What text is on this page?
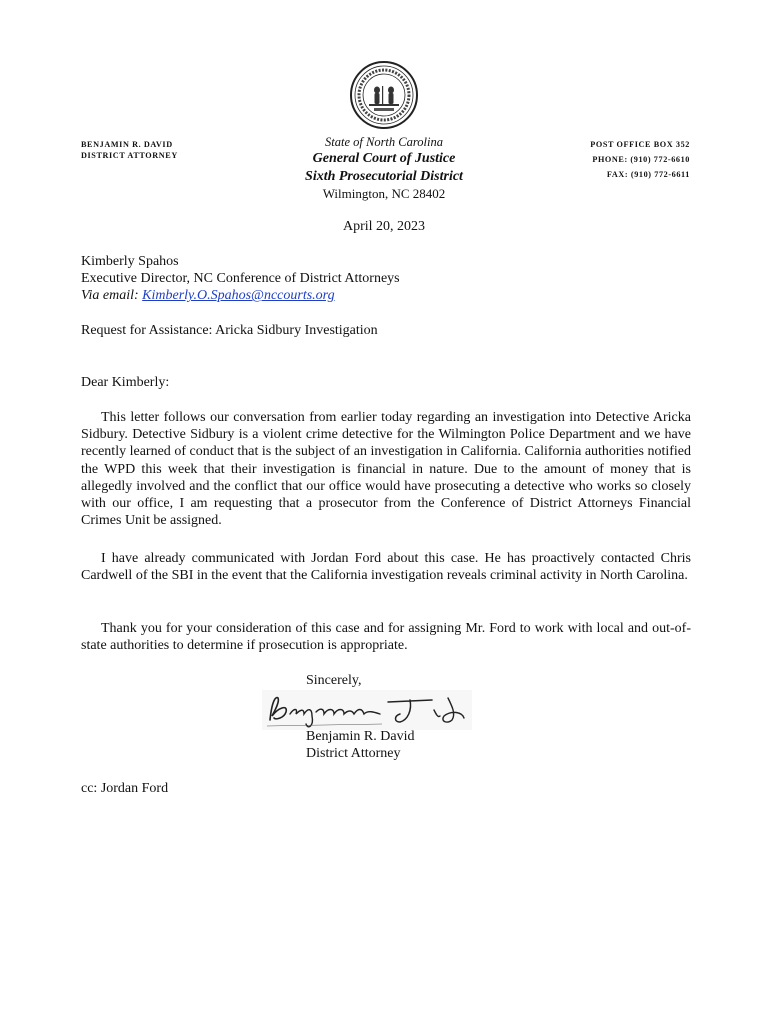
BENJAMIN R. DAVID
DISTRICT ATTORNEY
State of North Carolina
General Court of Justice
Sixth Prosecutorial District
Wilmington, NC 28402
POST OFFICE BOX 352
PHONE: (910) 772-6610
FAX: (910) 772-6611
April 20, 2023
Kimberly Spahos
Executive Director, NC Conference of District Attorneys
Via email: Kimberly.O.Spahos@nccourts.org
Request for Assistance: Aricka Sidbury Investigation
Dear Kimberly:

This letter follows our conversation from earlier today regarding an investigation into Detective Aricka Sidbury. Detective Sidbury is a violent crime detective for the Wilmington Police Department and we have recently learned of conduct that is the subject of an investigation in California. California authorities notified the WPD this week that their investigation is financial in nature. Due to the amount of money that is allegedly involved and the conflict that our office would have prosecuting a detective who works so closely with our office, I am requesting that a prosecutor from the Conference of District Attorneys Financial Crimes Unit be assigned.

I have already communicated with Jordan Ford about this case. He has proactively contacted Chris Cardwell of the SBI in the event that the California investigation reveals criminal activity in North Carolina.

Thank you for your consideration of this case and for assigning Mr. Ford to work with local and out-of-state authorities to determine if prosecution is appropriate.

Sincerely,
Benjamin R. David
District Attorney
cc: Jordan Ford
